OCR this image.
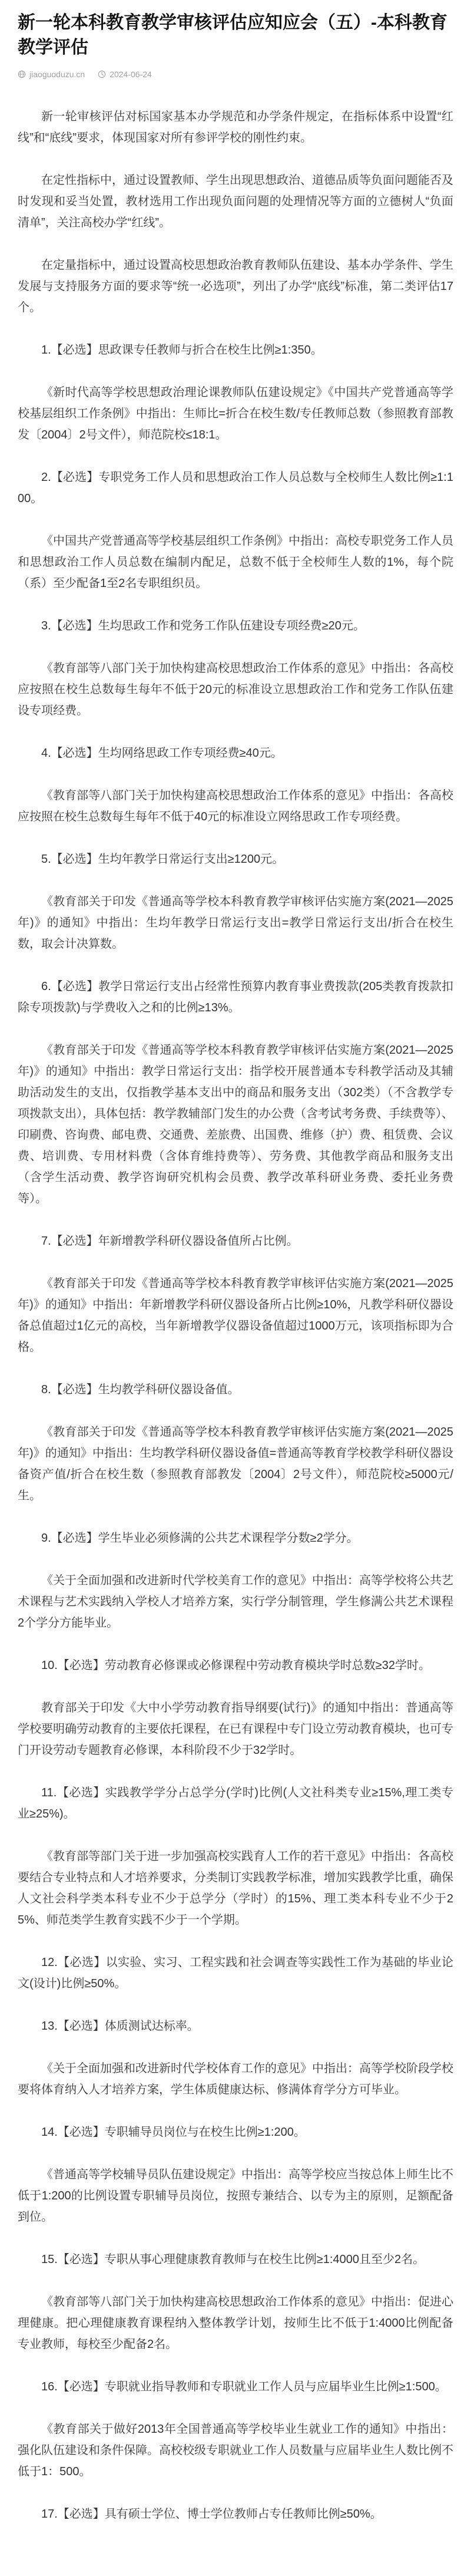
新一轮本科教育教学审核评估应知应会（五）-本科教育教学评估
jiaoguoduzu.cn	2024-06-24

新一轮审核评估对标国家基本办学规范和办学条件规定，在指标体系中设置“红线”和“底线”要求，体现国家对所有参评学校的刚性约束。

在定性指标中，通过设置教师、学生出现思想政治、道德品质等负面问题能否及时发现和妥当处置，教材选用工作出现负面问题的处理情况等方面的立德树人“负面清单”，关注高校办学“红线”。

在定量指标中，通过设置高校思想政治教育教师队伍建设、基本办学条件、学生发展与支持服务方面的要求等“统一必选项”，列出了办学“底线”标准，第二类评估17个。

1.【必选】思政课专任教师与折合在校生比例≥1:350。

《新时代高等学校思想政治理论课教师队伍建设规定》《中国共产党普通高等学校基层组织工作条例》中指出：生师比=折合在校生数/专任教师总数（参照教育部教发〔2004〕2号文件），师范院校≤18:1。

2.【必选】专职党务工作人员和思想政治工作人员总数与全校师生人数比例≥1:100。

《中国共产党普通高等学校基层组织工作条例》中指出：高校专职党务工作人员和思想政治工作人员总数在编制内配足，总数不低于全校师生人数的1%，每个院（系）至少配备1至2名专职组织员。

3.【必选】生均思政工作和党务工作队伍建设专项经费≥20元。

《教育部等八部门关于加快构建高校思想政治工作体系的意见》中指出：各高校应按照在校生总数每生每年不低于20元的标准设立思想政治工作和党务工作队伍建设专项经费。

4.【必选】生均网络思政工作专项经费≥40元。

《教育部等八部门关于加快构建高校思想政治工作体系的意见》中指出：各高校应按照在校生总数每生每年不低于40元的标准设立网络思政工作专项经费。

5.【必选】生均年教学日常运行支出≥1200元。

《教育部关于印发《普通高等学校本科教育教学审核评估实施方案(2021—2025年)》的通知》中指出：生均年教学日常运行支出=教学日常运行支出/折合在校生数，取会计决算数。

6.【必选】教学日常运行支出占经常性预算内教育事业费拨款(205类教育拨款扣除专项拨款)与学费收入之和的比例≥13%。

《教育部关于印发《普通高等学校本科教育教学审核评估实施方案(2021—2025年)》的通知》中指出：教学日常运行支出：指学校开展普通本专科教学活动及其辅助活动发生的支出，仅指教学基本支出中的商品和服务支出（302类）（不含教学专项拨款支出），具体包括：教学教辅部门发生的办公费（含考试考务费、手续费等）、印刷费、咨询费、邮电费、交通费、差旅费、出国费、维修（护）费、租赁费、会议费、培训费、专用材料费（含体育维持费等）、劳务费、其他教学商品和服务支出（含学生活动费、教学咨询研究机构会员费、教学改革科研业务费、委托业务费等）。

7.【必选】年新增教学科研仪器设备值所占比例。

《教育部关于印发《普通高等学校本科教育教学审核评估实施方案(2021—2025年)》的通知》中指出：年新增教学科研仪器设备所占比例≥10%，凡教学科研仪器设备总值超过1亿元的高校，当年新增教学仪器设备值超过1000万元，该项指标即为合格。

8.【必选】生均教学科研仪器设备值。

《教育部关于印发《普通高等学校本科教育教学审核评估实施方案(2021—2025年)》的通知》中指出：生均教学科研仪器设备值=普通高等教育学校教学科研仪器设备资产值/折合在校生数（参照教育部教发〔2004〕2号文件），师范院校≥5000元/生。

9.【必选】学生毕业必须修满的公共艺术课程学分数≥2学分。

《关于全面加强和改进新时代学校美育工作的意见》中指出：高等学校将公共艺术课程与艺术实践纳入学校人才培养方案，实行学分制管理，学生修满公共艺术课程2个学分方能毕业。

10.【必选】劳动教育必修课或必修课程中劳动教育模块学时总数≥32学时。

教育部关于印发《大中小学劳动教育指导纲要(试行)》的通知中指出：普通高等学校要明确劳动教育的主要依托课程，在已有课程中专门设立劳动教育模块，也可专门开设劳动专题教育必修课，本科阶段不少于32学时。

11.【必选】实践教学学分占总学分(学时)比例(人文社科类专业≥15%,理工类专业≥25%)。

《教育部等部门关于进一步加强高校实践育人工作的若干意见》中指出：各高校要结合专业特点和人才培养要求，分类制订实践教学标准，增加实践教学比重，确保人文社会科学类本科专业不少于总学分（学时）的15%、理工类本科专业不少于25%、师范类学生教育实践不少于一个学期。

12.【必选】以实验、实习、工程实践和社会调查等实践性工作为基础的毕业论文(设计)比例≥50%。

13.【必选】体质测试达标率。

《关于全面加强和改进新时代学校体育工作的意见》中指出：高等学校阶段学校要将体育纳入人才培养方案，学生体质健康达标、修满体育学分方可毕业。

14.【必选】专职辅导员岗位与在校生比例≥1:200。

《普通高等学校辅导员队伍建设规定》中指出：高等学校应当按总体上师生比不低于1:200的比例设置专职辅导员岗位，按照专兼结合、以专为主的原则，足额配备到位。

15.【必选】专职从事心理健康教育教师与在校生比例≥1:4000且至少2名。

《教育部等八部门关于加快构建高校思想政治工作体系的意见》中指出：促进心理健康。把心理健康教育课程纳入整体教学计划，按师生比不低于1:4000比例配备专业教师，每校至少配备2名。

16.【必选】专职就业指导教师和专职就业工作人员与应届毕业生比例≥1:500。

《教育部关于做好2013年全国普通高等学校毕业生就业工作的通知》中指出：强化队伍建设和条件保障。高校校级专职就业工作人员数量与应届毕业生人数比例不低于1：500。

17.【必选】具有硕士学位、博士学位教师占专任教师比例≥50%。
